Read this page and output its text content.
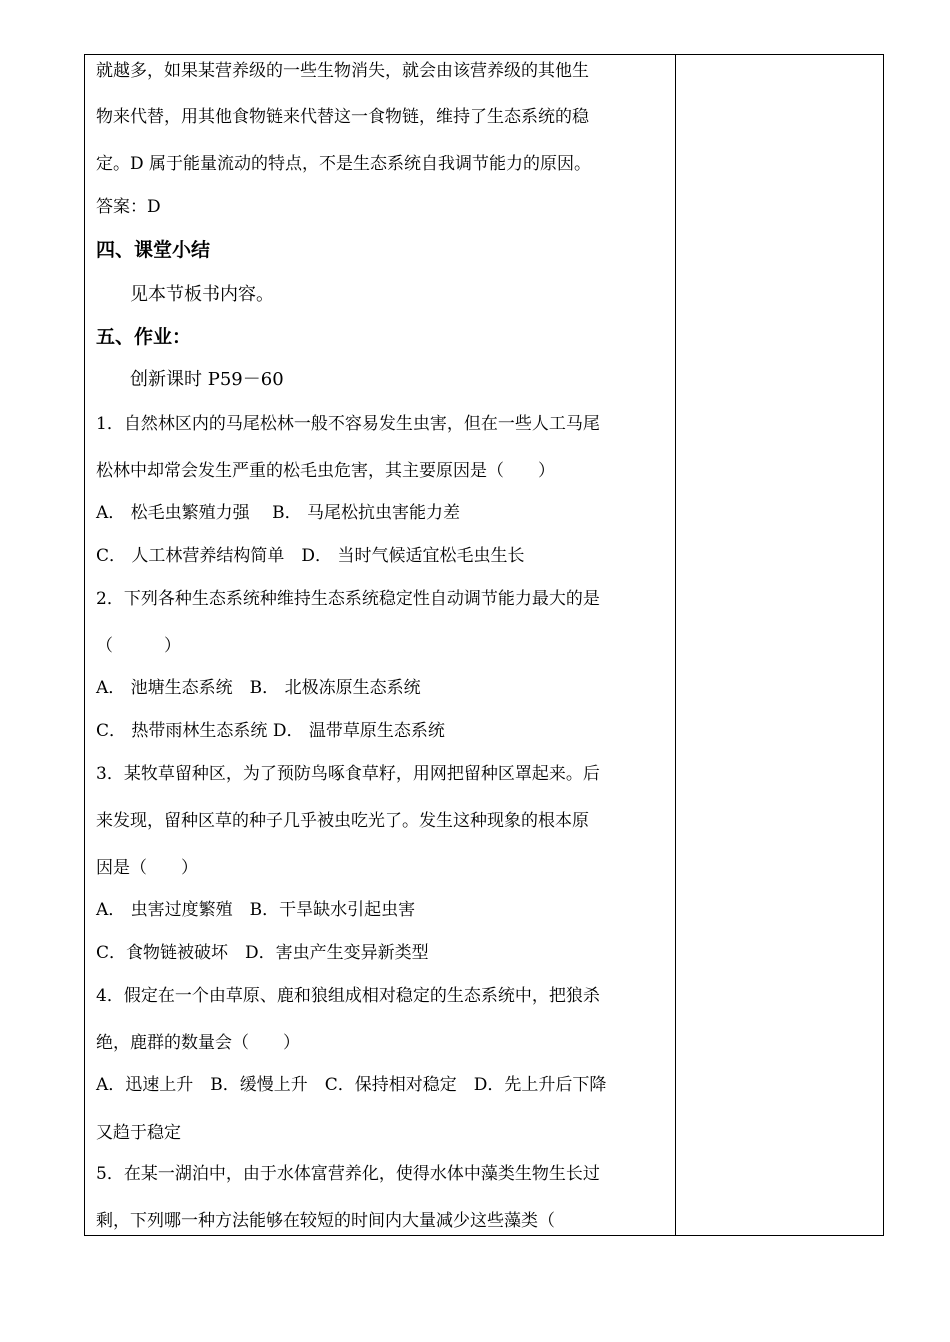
就越多，如果某营养级的一些生物消失，就会由该营养级的其他生
物来代替，用其他食物链来代替这一食物链，维持了生态系统的稳
定。D 属于能量流动的特点，不是生态系统自我调节能力的原因。
答案：D
四、课堂小结
见本节板书内容。
五、作业：
创新课时 P59－60
1．自然林区内的马尾松林一般不容易发生虫害，但在一些人工马尾
松林中却常会发生严重的松毛虫危害，其主要原因是（　　）
A． 松毛虫繁殖力强　 B． 马尾松抗虫害能力差
C． 人工林营养结构简单　D． 当时气候适宜松毛虫生长
2．下列各种生态系统种维持生态系统稳定性自动调节能力最大的是
（　　　）
A． 池塘生态系统　B． 北极冻原生态系统
C． 热带雨林生态系统 D． 温带草原生态系统
3．某牧草留种区，为了预防鸟啄食草籽，用网把留种区罩起来。后
来发现，留种区草的种子几乎被虫吃光了。发生这种现象的根本原
因是（　　）
A． 虫害过度繁殖　B．干旱缺水引起虫害
C．食物链被破坏　D．害虫产生变异新类型
4．假定在一个由草原、鹿和狼组成相对稳定的生态系统中，把狼杀
绝，鹿群的数量会（　　）
A．迅速上升　B．缓慢上升　C．保持相对稳定　D．先上升后下降
又趋于稳定
5．在某一湖泊中，由于水体富营养化，使得水体中藻类生物生长过
剩，下列哪一种方法能够在较短的时间内大量减少这些藻类（
